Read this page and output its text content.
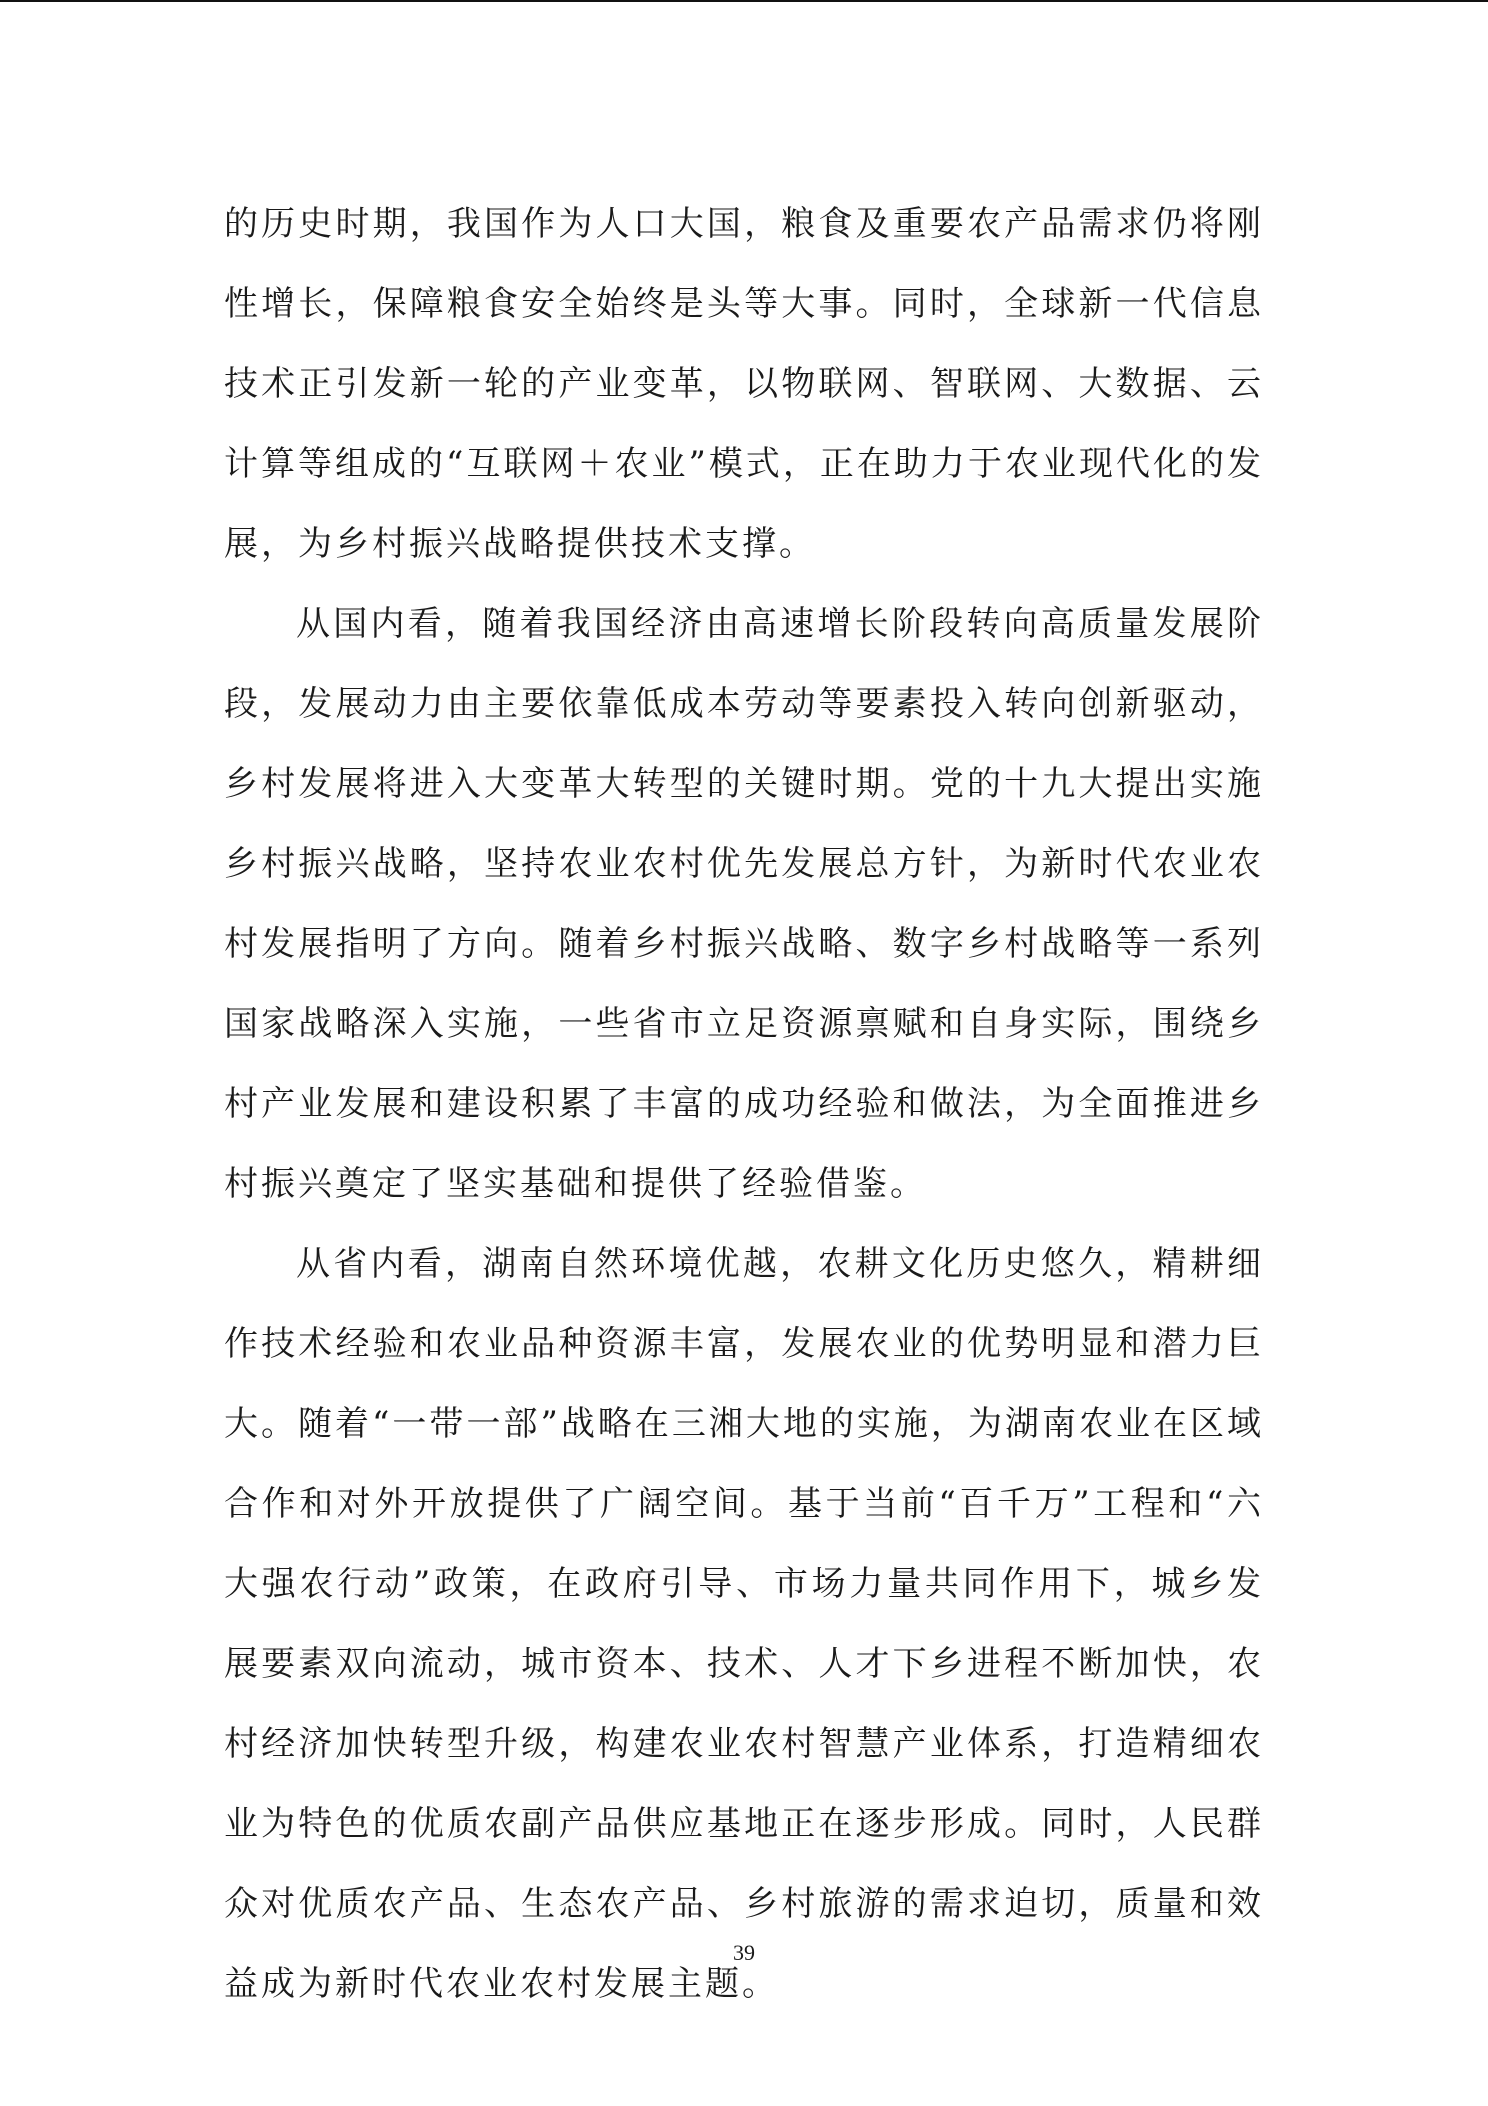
的历史时期，我国作为人口大国，粮食及重要农产品需求仍将刚性增长，保障粮食安全始终是头等大事。同时，全球新一代信息技术正引发新一轮的产业变革，以物联网、智联网、大数据、云计算等组成的“互联网＋农业”模式，正在助力于农业现代化的发展，为乡村振兴战略提供技术支撑。

从国内看，随着我国经济由高速增长阶段转向高质量发展阶段，发展动力由主要依靠低成本劳动等要素投入转向创新驱动，乡村发展将进入大变革大转型的关键时期。党的十九大提出实施乡村振兴战略，坚持农业农村优先发展总方针，为新时代农业农村发展指明了方向。随着乡村振兴战略、数字乡村战略等一系列国家战略深入实施，一些省市立足资源禀赋和自身实际，围绕乡村产业发展和建设积累了丰富的成功经验和做法，为全面推进乡村振兴奠定了坚实基础和提供了经验借鉴。

从省内看，湖南自然环境优越，农耕文化历史悠久，精耕细作技术经验和农业品种资源丰富，发展农业的优势明显和潜力巨大。随着“一带一部”战略在三湘大地的实施，为湖南农业在区域合作和对外开放提供了广阔空间。基于当前“百千万”工程和“六大强农行动”政策，在政府引导、市场力量共同作用下，城乡发展要素双向流动，城市资本、技术、人才下乡进程不断加快，农村经济加快转型升级，构建农业农村智慧产业体系，打造精细农业为特色的优质农副产品供应基地正在逐步形成。同时，人民群众对优质农产品、生态农产品、乡村旅游的需求迫切，质量和效益成为新时代农业农村发展主题。

39
